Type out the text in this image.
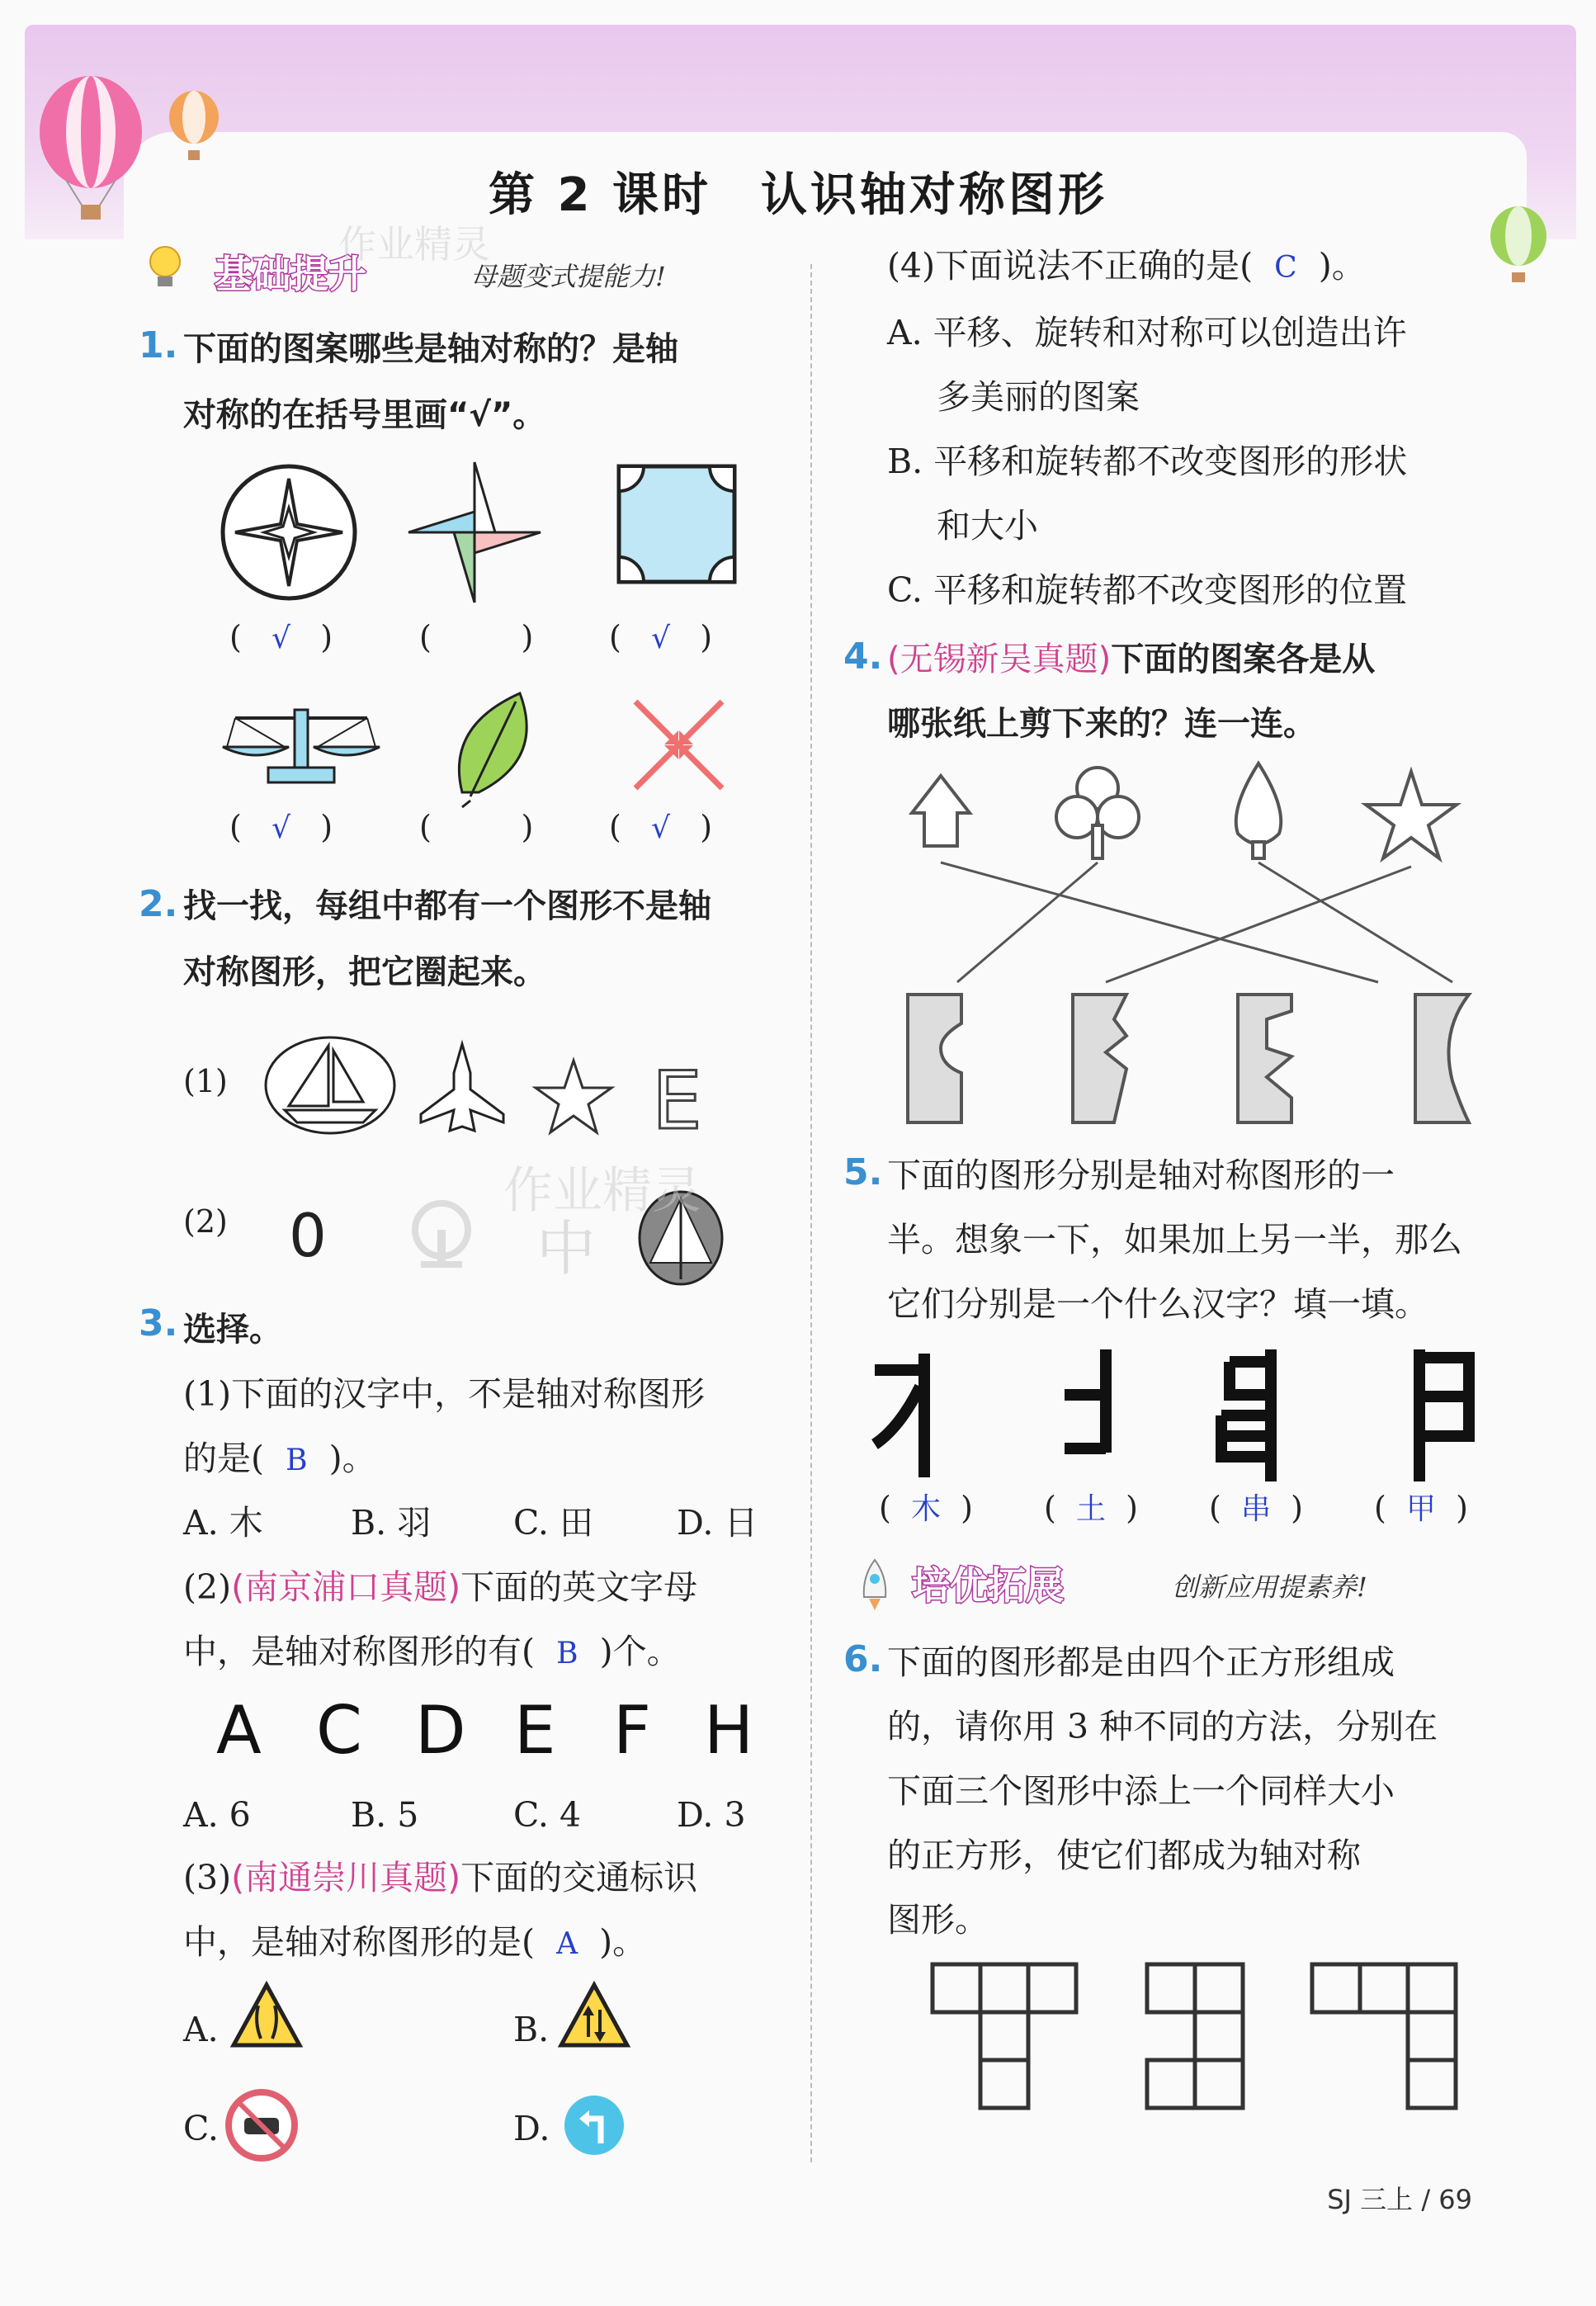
第 2 课时　认识轴对称图形
基础提升	母题变式提能力!
作业精灵
1. 下面的图案哪些是轴对称的？是轴
对称的在括号里画“√”。
(   √   )	(         ) (   √   )
(   √   )	(         ) (   √   )
2. 找一找，每组中都有一个图形不是轴
对称图形，把它圈起来。
(1)	E
(2) 0	中
作业精灵
3. 选择。
(1)下面的汉字中，不是轴对称图形
的是( B )。
A. 木	B. 羽 C. 田 D. 日
(2)(南京浦口真题)下面的英文字母
中，是轴对称图形的有( B )个。
A C D E F H
A. 6	B. 5	C. 4	D. 3
(3)(南通崇川真题)下面的交通标识
中，是轴对称图形的是( A )。
A.	B.
C.	D.
(4)下面说法不正确的是( C )。
A. 平移、旋转和对称可以创造出许
多美丽的图案
B. 平移和旋转都不改变图形的形状
和大小
C. 平移和旋转都不改变图形的位置
4. (无锡新吴真题)下面的图案各是从
哪张纸上剪下来的？连一连。
5. 下面的图形分别是轴对称图形的一
半。想象一下，如果加上另一半，那么
它们分别是一个什么汉字？填一填。
(  木  ) (  土  ) (  串  ) (  甲  )
培优拓展	创新应用提素养!
6. 下面的图形都是由四个正方形组成
的，请你用 3 种不同的方法，分别在
下面三个图形中添上一个同样大小
的正方形，使它们都成为轴对称
图形。
SJ 三上 / 69
